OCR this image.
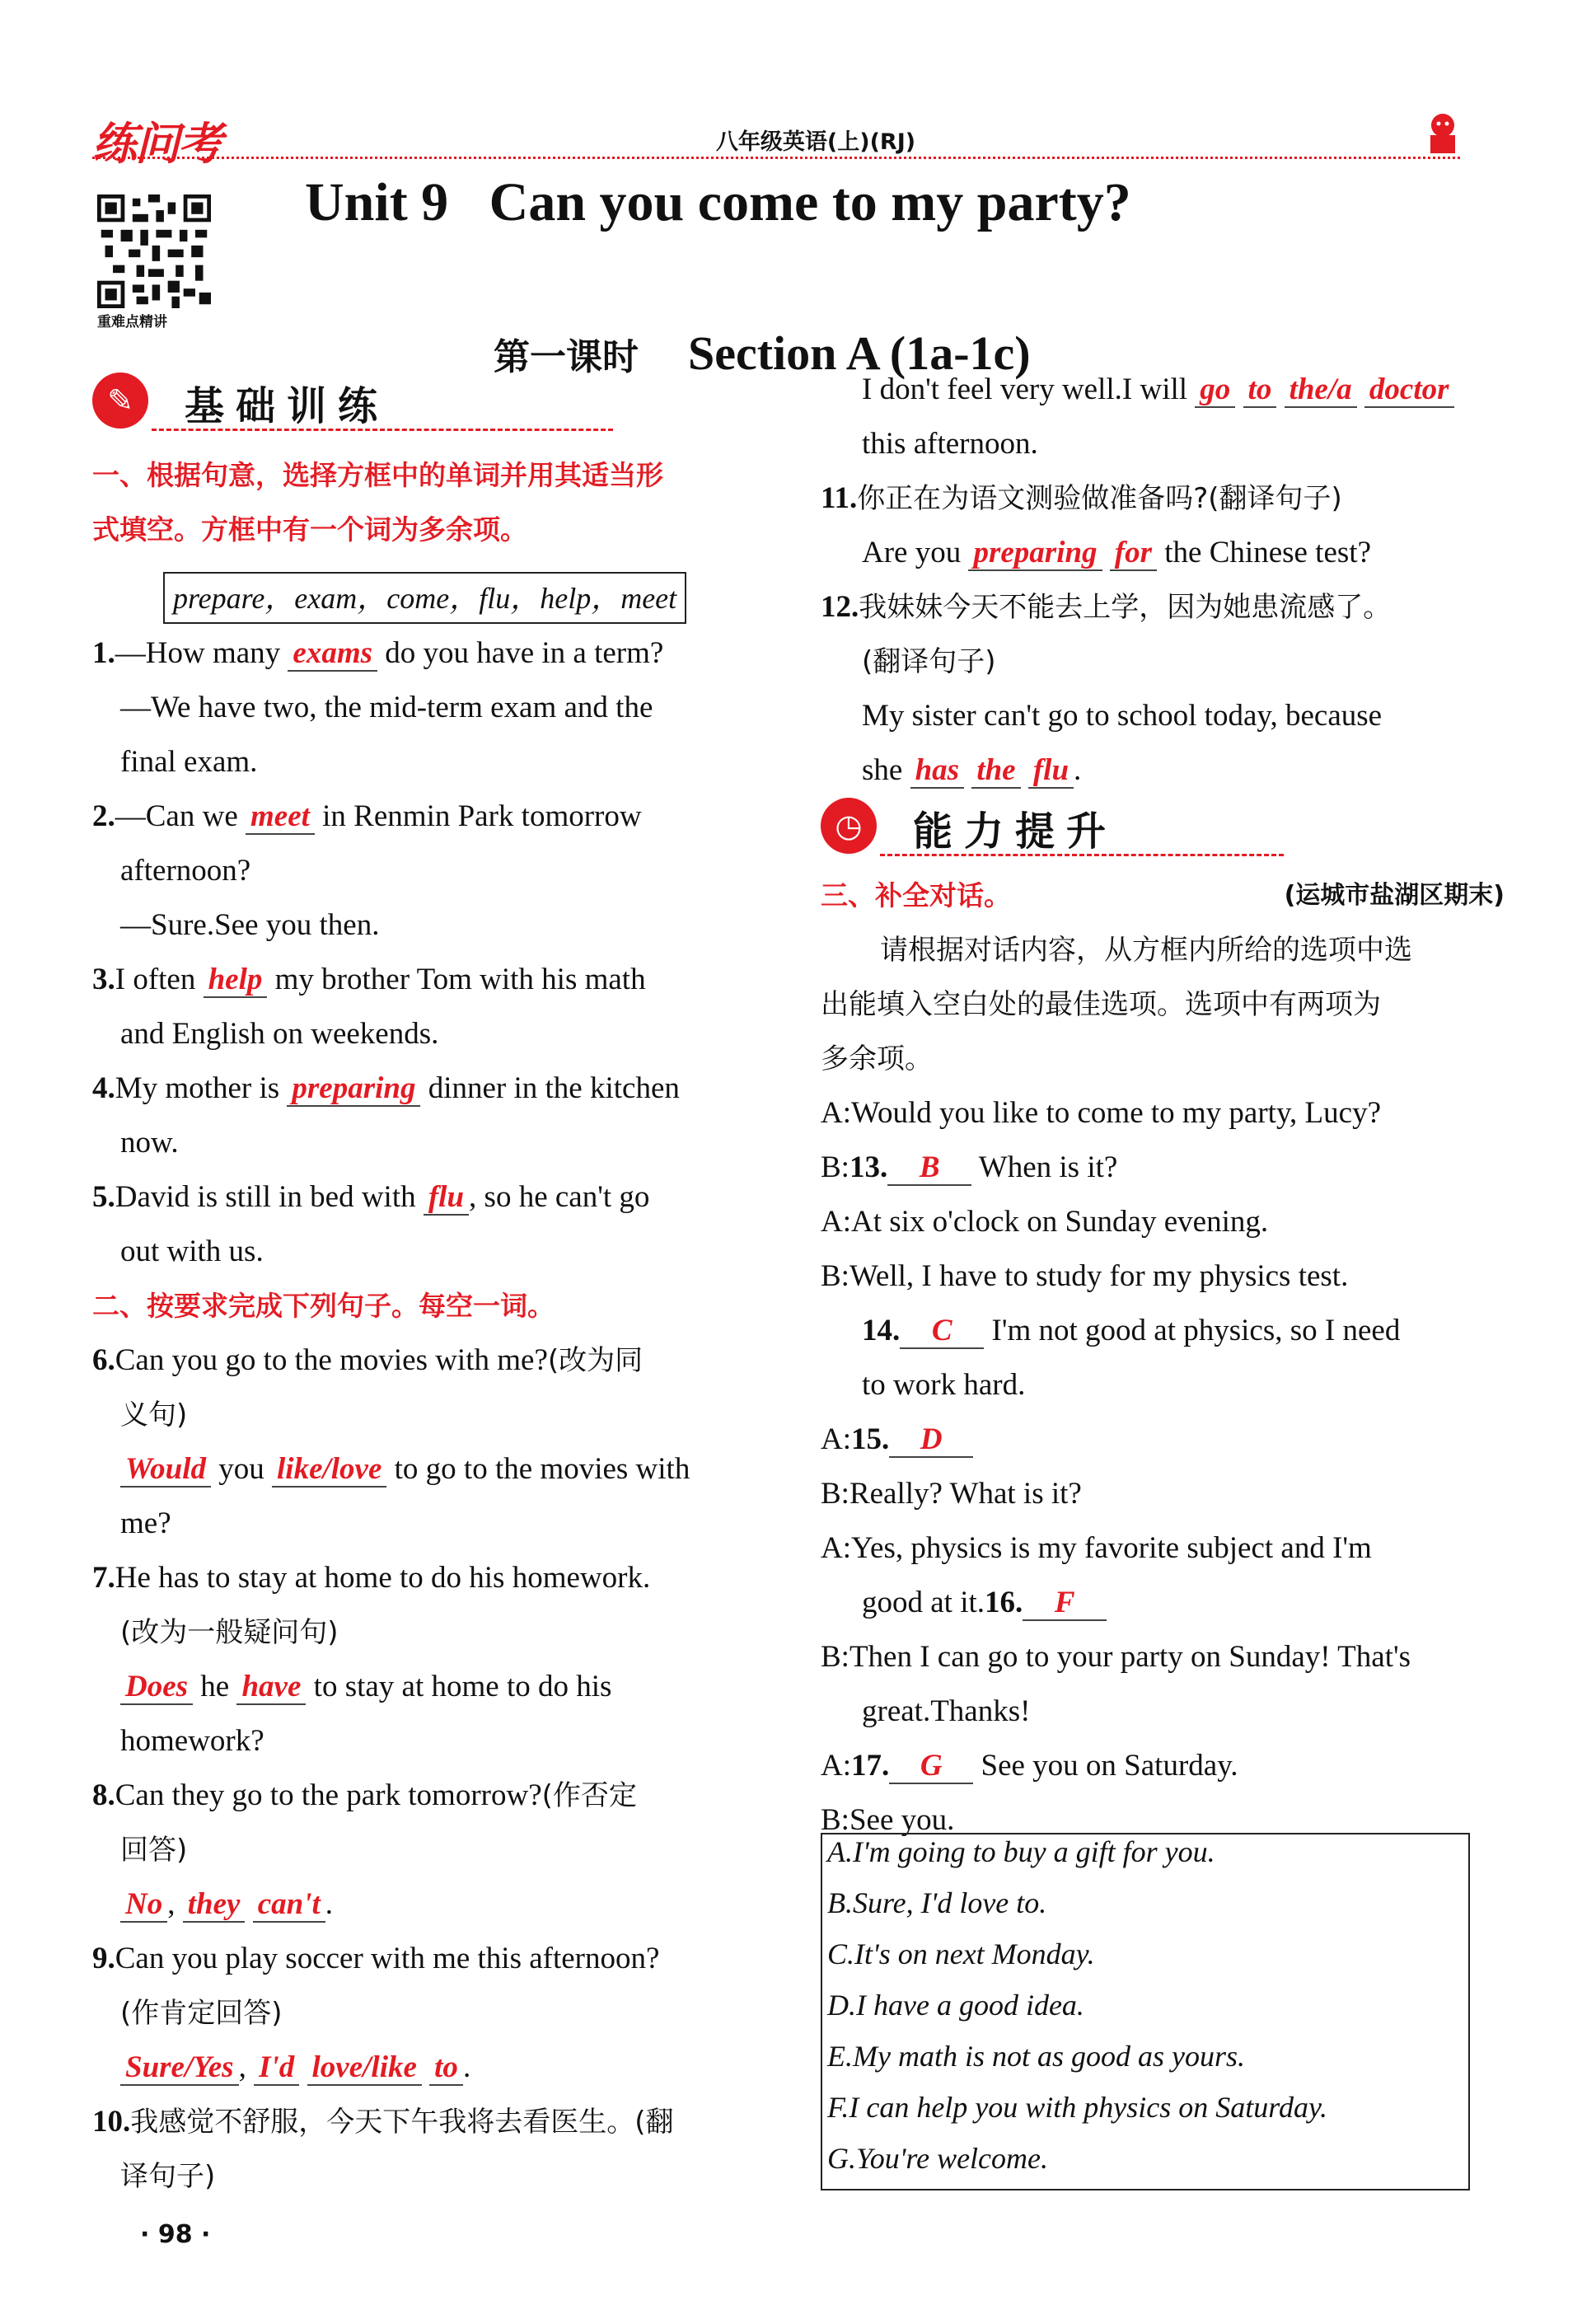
练问考	八年级英语(上)(RJ)
重难点精讲
Unit 9   Can you come to my party?

第一课时 Section A (1a-1c)

✎	基础训练
一、根据句意，选择方框中的单词并用其适当形
式填空。方框中有一个词为多余项。
prepare，exam，come，flu，help，meet
1.—How many exams do you have in a term?
—We have two, the mid-term exam and the
final exam.
2.—Can we meet in Renmin Park tomorrow
afternoon?
—Sure.See you then.
3.I often help my brother Tom with his math
and English on weekends.
4.My mother is preparing dinner in the kitchen
now.
5.David is still in bed with flu , so he can't go
out with us.
二、按要求完成下列句子。每空一词。
6.Can you go to the movies with me?(改为同
义句)
Would you like/love to go to the movies with
me?
7.He has to stay at home to do his homework.
(改为一般疑问句)
Does he have to stay at home to do his
homework?
8.Can they go to the park tomorrow?(作否定
回答)
No , they can't .
9.Can you play soccer with me this afternoon?
(作肯定回答)
Sure/Yes , I'd love/like to .
10.我感觉不舒服，今天下午我将去看医生。(翻
译句子)
I don't feel very well.I will go to the/a doctor
this afternoon.
11.你正在为语文测验做准备吗?(翻译句子)
Are you preparing for the Chinese test?
12.我妹妹今天不能去上学，因为她患流感了。
(翻译句子)
My sister can't go to school today, because
she has the flu .
◷	能力提升
三、补全对话。	(运城市盐湖区期末)
请根据对话内容，从方框内所给的选项中选
出能填入空白处的最佳选项。选项中有两项为
多余项。
A:Would you like to come to my party, Lucy?
B:13. B When is it?
A:At six o'clock on Sunday evening.
B:Well, I have to study for my physics test.
14. C I'm not good at physics, so I need
to work hard.
A:15. D
B:Really? What is it?
A:Yes, physics is my favorite subject and I'm
good at it.16. F
B:Then I can go to your party on Sunday! That's
great.Thanks!
A:17. G See you on Saturday.
B:See you.
A.I'm going to buy a gift for you.
B.Sure, I'd love to.
C.It's on next Monday.
D.I have a good idea.
E.My math is not as good as yours.
F.I can help you with physics on Saturday.
G.You're welcome.
· 98 ·
